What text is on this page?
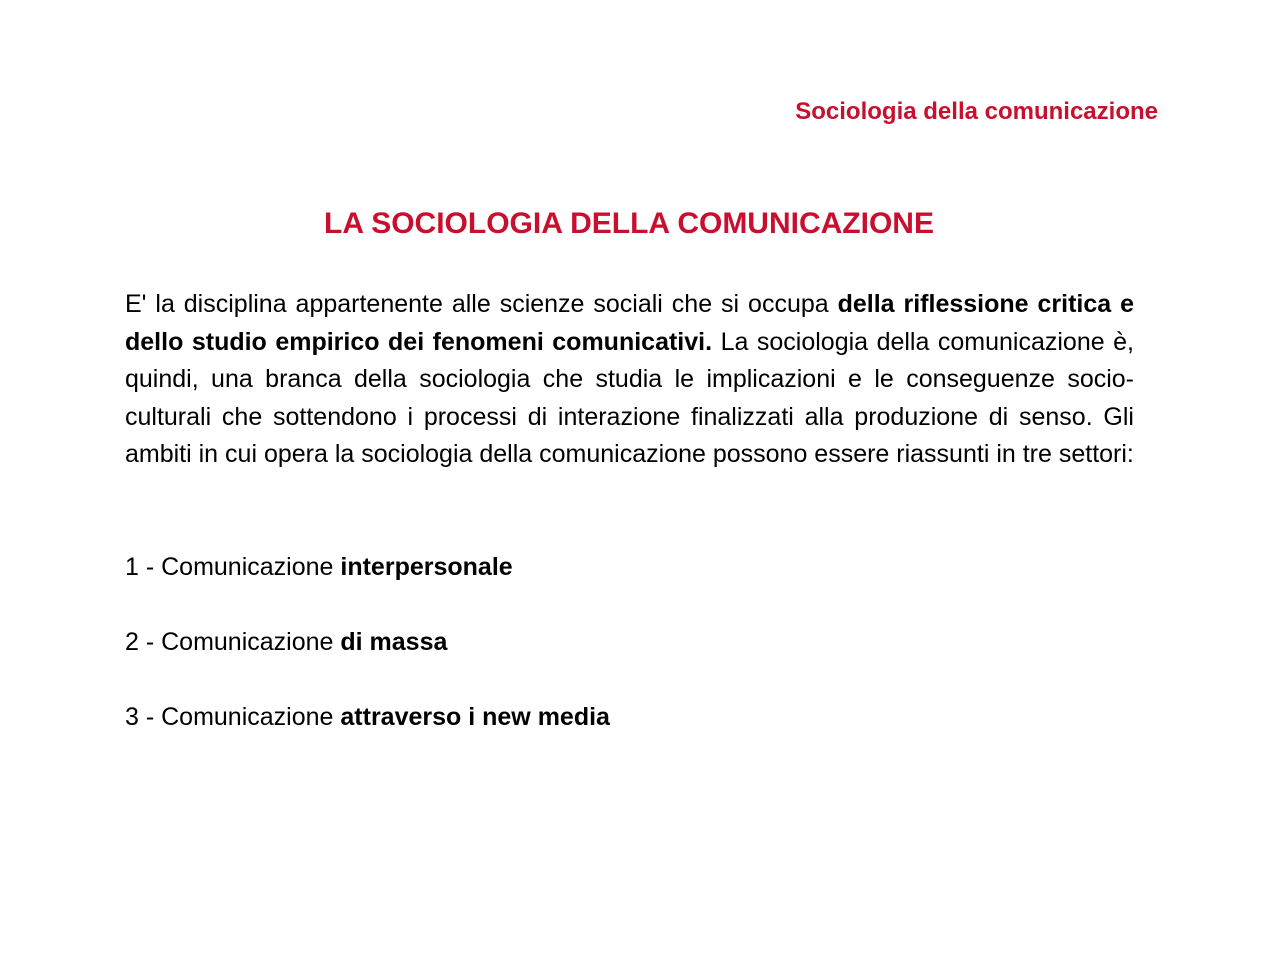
Sociologia della comunicazione
LA SOCIOLOGIA DELLA COMUNICAZIONE

E' la disciplina appartenente alle scienze sociali che si occupa della riflessione critica e dello studio empirico dei fenomeni comunicativi. La sociologia della comunicazione è, quindi, una branca della sociologia che studia le implicazioni e le conseguenze socio-culturali che sottendono i processi di interazione finalizzati alla produzione di senso. Gli ambiti in cui opera la sociologia della comunicazione possono essere riassunti in tre settori:

1 - Comunicazione interpersonale

2 - Comunicazione di massa

3 - Comunicazione attraverso i new media
